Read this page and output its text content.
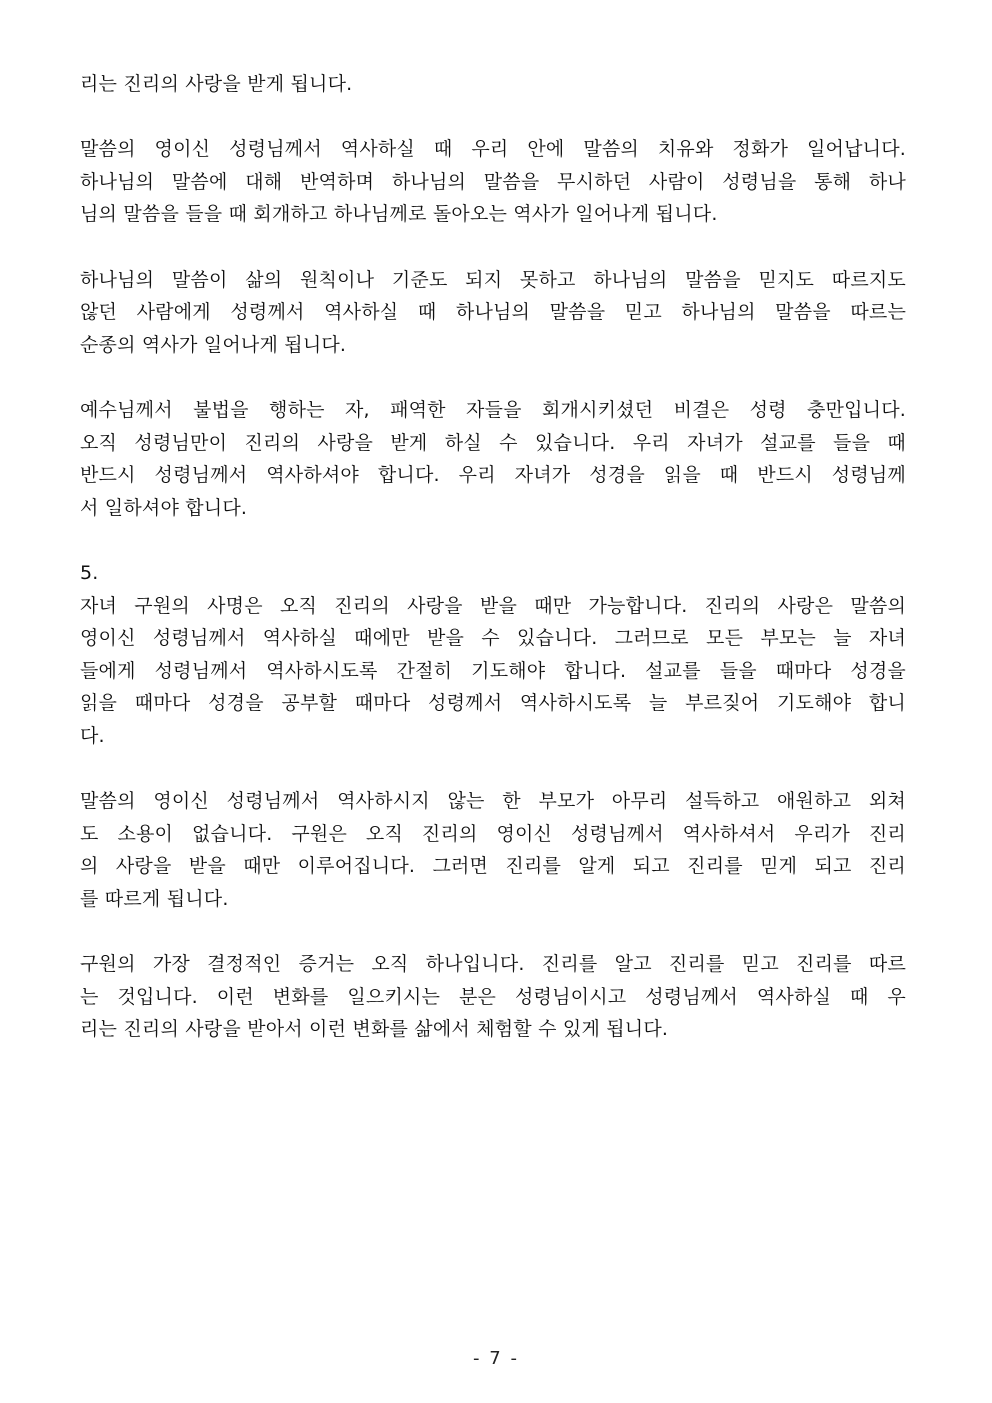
리는 진리의 사랑을 받게 됩니다.
말씀의 영이신 성령님께서 역사하실 때 우리 안에 말씀의 치유와 정화가 일어납니다.
하나님의 말씀에 대해 반역하며 하나님의 말씀을 무시하던 사람이 성령님을 통해 하나
님의 말씀을 들을 때 회개하고 하나님께로 돌아오는 역사가 일어나게 됩니다.
하나님의 말씀이 삶의 원칙이나 기준도 되지 못하고 하나님의 말씀을 믿지도 따르지도
않던 사람에게 성령께서 역사하실 때 하나님의 말씀을 믿고 하나님의 말씀을 따르는
순종의 역사가 일어나게 됩니다.
예수님께서 불법을 행하는 자, 패역한 자들을 회개시키셨던 비결은 성령 충만입니다.
오직 성령님만이 진리의 사랑을 받게 하실 수 있습니다. 우리 자녀가 설교를 들을 때
반드시 성령님께서 역사하셔야 합니다. 우리 자녀가 성경을 읽을 때 반드시 성령님께
서 일하셔야 합니다.
5.
자녀 구원의 사명은 오직 진리의 사랑을 받을 때만 가능합니다. 진리의 사랑은 말씀의
영이신 성령님께서 역사하실 때에만 받을 수 있습니다. 그러므로 모든 부모는 늘 자녀
들에게 성령님께서 역사하시도록 간절히 기도해야 합니다. 설교를 들을 때마다 성경을
읽을 때마다 성경을 공부할 때마다 성령께서 역사하시도록 늘 부르짖어 기도해야 합니
다.
말씀의 영이신 성령님께서 역사하시지 않는 한 부모가 아무리 설득하고 애원하고 외쳐
도 소용이 없습니다. 구원은 오직 진리의 영이신 성령님께서 역사하셔서 우리가 진리
의 사랑을 받을 때만 이루어집니다. 그러면 진리를 알게 되고 진리를 믿게 되고 진리
를 따르게 됩니다.
구원의 가장 결정적인 증거는 오직 하나입니다. 진리를 알고 진리를 믿고 진리를 따르
는 것입니다. 이런 변화를 일으키시는 분은 성령님이시고 성령님께서 역사하실 때 우
리는 진리의 사랑을 받아서 이런 변화를 삶에서 체험할 수 있게 됩니다.
- 7 -
